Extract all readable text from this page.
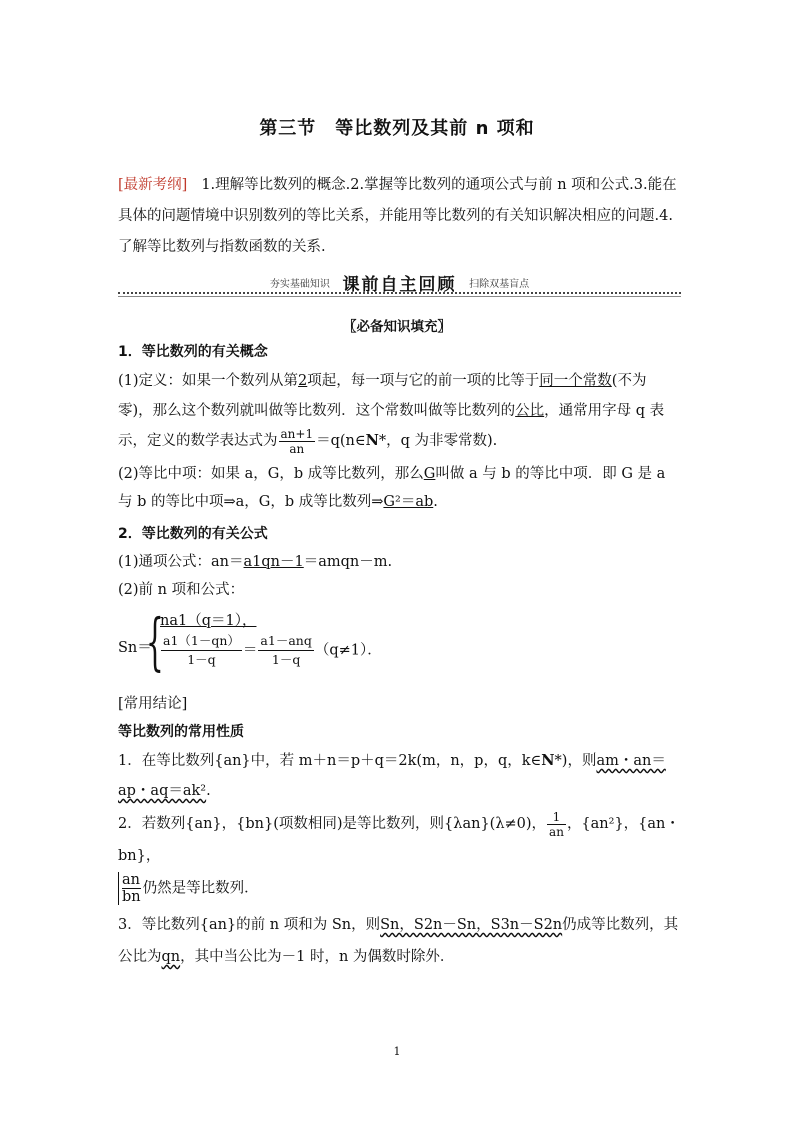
第三节　等比数列及其前 n 项和
[最新考纲] 1.理解等比数列的概念.2.掌握等比数列的通项公式与前 n 项和公式.3.能在具体的问题情境中识别数列的等比关系，并能用等比数列的有关知识解决相应的问题.4.了解等比数列与指数函数的关系.
夯实基础知识 课前自主回顾 扫除双基盲点
〖必备知识填充〗

1．等比数列的有关概念

(1)定义：如果一个数列从第2项起，每一项与它的前一项的比等于同一个常数(不为零)，那么这个数列就叫做等比数列．这个常数叫做等比数列的公比，通常用字母 q 表示，定义的数学表达式为 $\frac{an+1}{an}$ ＝q(n∈N*，q 为非零常数).

(2)等比中项：如果 a，G，b 成等比数列，那么G叫做 a 与 b 的等比中项．即 G 是 a 与 b 的等比中项⇒a，G，b 成等比数列⇒G²＝ab.

2．等比数列的有关公式

(1)通项公式：an＝a1qn－1＝amqn－m.

(2)前 n 项和公式：

Sn＝
{
na1（q＝1），
$\frac{a1(1-qn)}{1-q} = \frac{\text{a1－anq}}{1-q} (q\ne 1)$．

[常用结论]

等比数列的常用性质

1．在等比数列{an}中，若 m＋n＝p＋q＝2k(m，n，p，q，k∈N*)，则am・an＝ap・aq＝ak².

2．若数列{an}，{bn}(项数相同)是等比数列，则{λan}(λ≠0)， $\frac{1}{an}$ ，{an²}，{an・bn}，

$\frac{an}{bn}$ 仍然是等比数列．

3．等比数列{an}的前 n 项和为 Sn，则Sn，S2n－Sn，S3n－S2n仍成等比数列，其公比为qn，其中当公比为－1 时，n 为偶数时除外．

1
